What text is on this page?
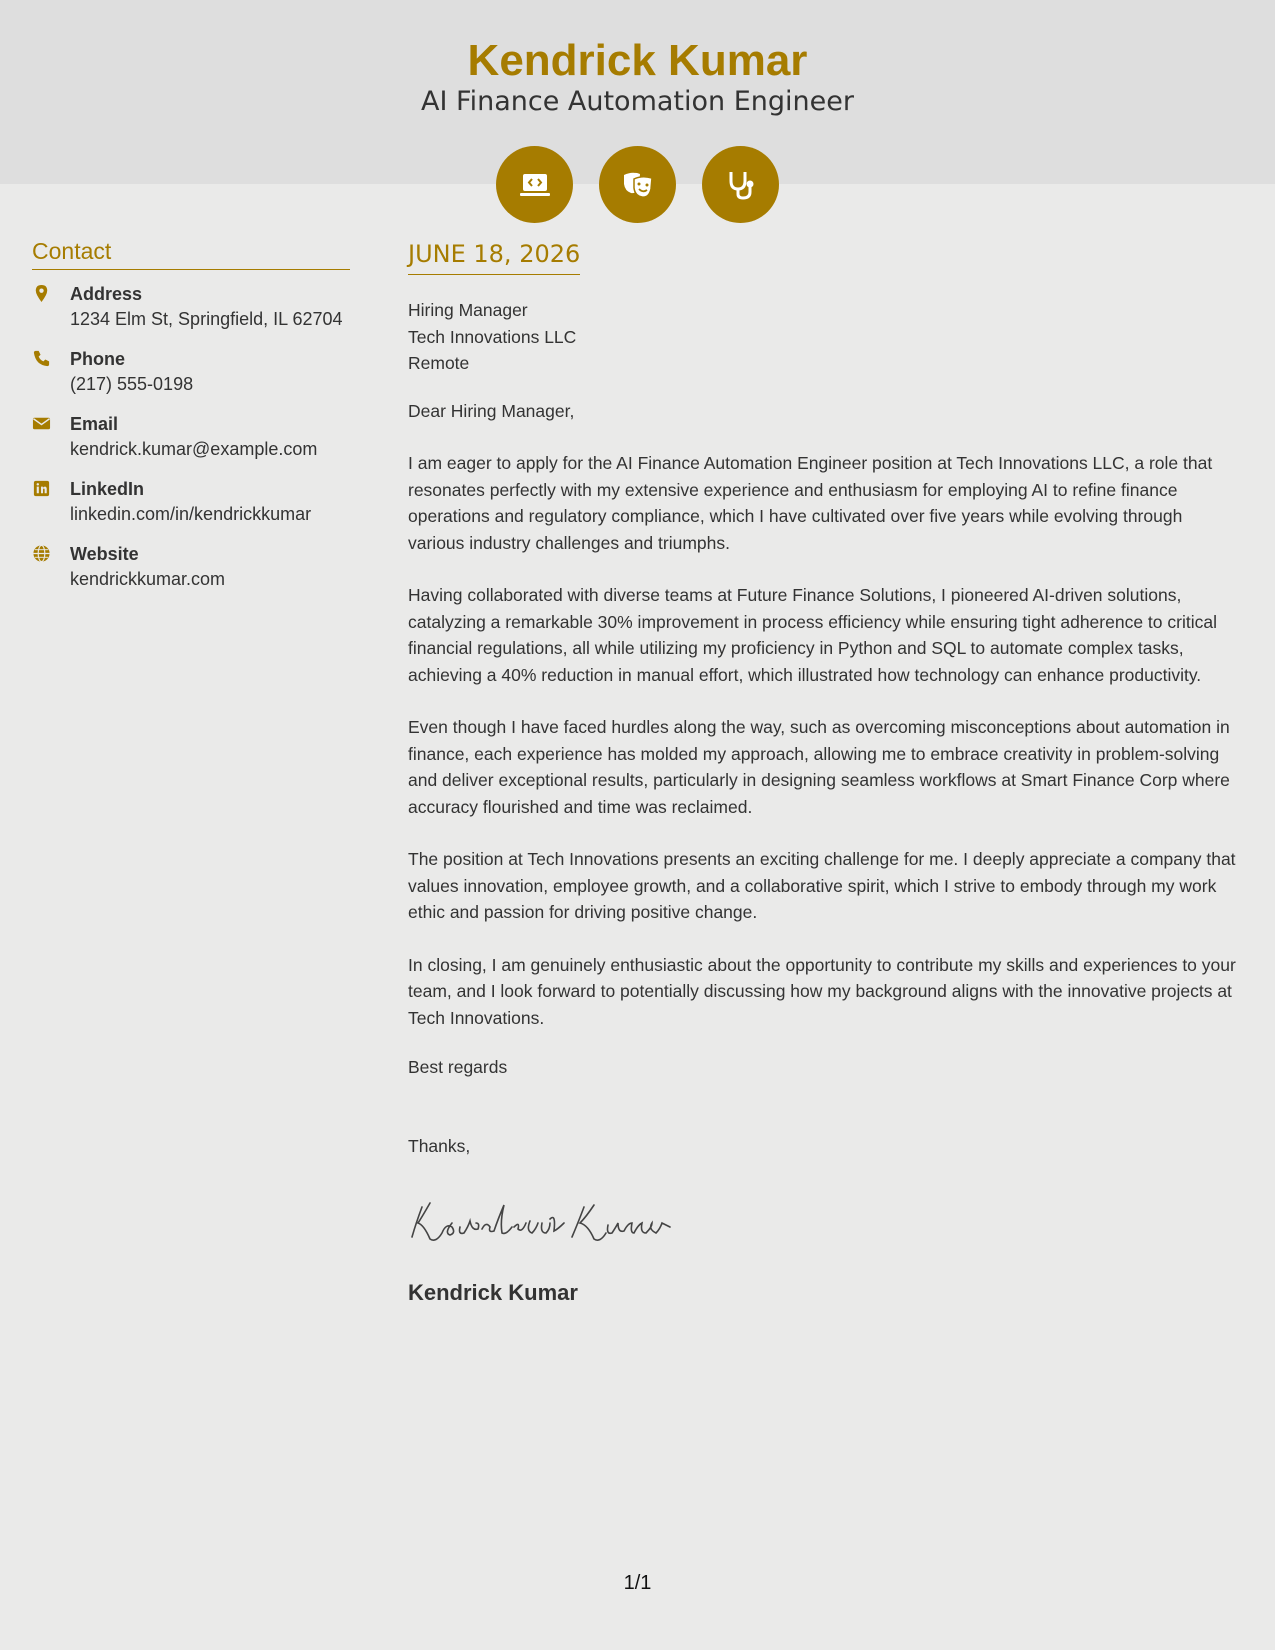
Kendrick Kumar
AI Finance Automation Engineer
Contact
Address
1234 Elm St, Springfield, IL 62704
Phone
(217) 555-0198
Email
kendrick.kumar@example.com
LinkedIn
linkedin.com/in/kendrickkumar
Website
kendrickkumar.com
JUNE 18, 2026
Hiring Manager
Tech Innovations LLC
Remote
Dear Hiring Manager,
I am eager to apply for the AI Finance Automation Engineer position at Tech Innovations LLC, a role that resonates perfectly with my extensive experience and enthusiasm for employing AI to refine finance operations and regulatory compliance, which I have cultivated over five years while evolving through various industry challenges and triumphs.
Having collaborated with diverse teams at Future Finance Solutions, I pioneered AI-driven solutions, catalyzing a remarkable 30% improvement in process efficiency while ensuring tight adherence to critical financial regulations, all while utilizing my proficiency in Python and SQL to automate complex tasks, achieving a 40% reduction in manual effort, which illustrated how technology can enhance productivity.
Even though I have faced hurdles along the way, such as overcoming misconceptions about automation in finance, each experience has molded my approach, allowing me to embrace creativity in problem-solving and deliver exceptional results, particularly in designing seamless workflows at Smart Finance Corp where accuracy flourished and time was reclaimed.
The position at Tech Innovations presents an exciting challenge for me. I deeply appreciate a company that values innovation, employee growth, and a collaborative spirit, which I strive to embody through my work ethic and passion for driving positive change.
In closing, I am genuinely enthusiastic about the opportunity to contribute my skills and experiences to your team, and I look forward to potentially discussing how my background aligns with the innovative projects at Tech Innovations.
Best regards
Thanks,
Kendrick Kumar
1/1
